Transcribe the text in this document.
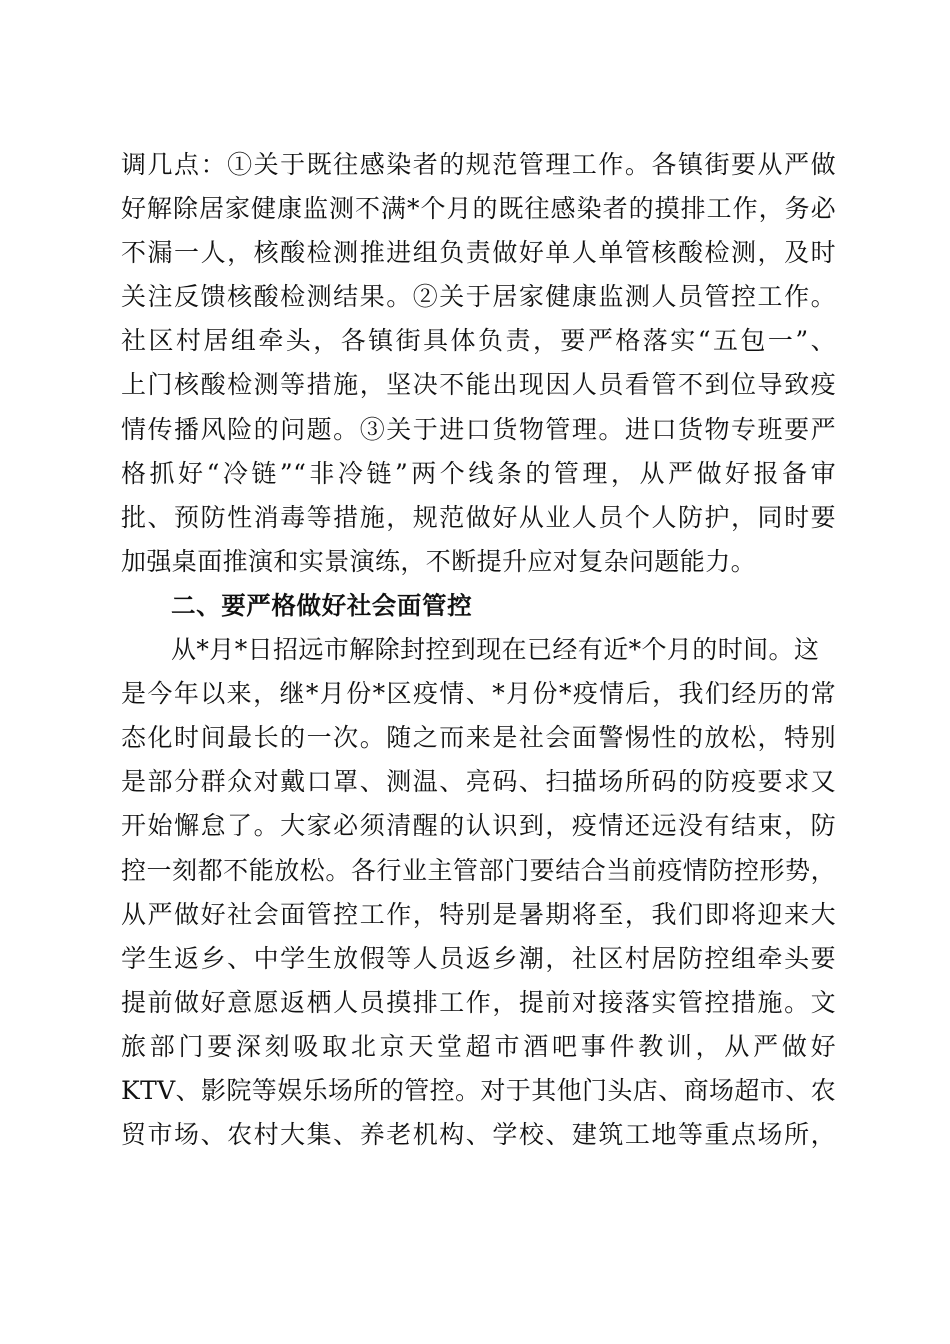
调几点：①关于既往感染者的规范管理工作。各镇街要从严做
好解除居家健康监测不满*个月的既往感染者的摸排工作，务必
不漏一人，核酸检测推进组负责做好单人单管核酸检测，及时
关注反馈核酸检测结果。②关于居家健康监测人员管控工作。
社区村居组牵头，各镇街具体负责，要严格落实“五包一”、
上门核酸检测等措施，坚决不能出现因人员看管不到位导致疫
情传播风险的问题。③关于进口货物管理。进口货物专班要严
格抓好“冷链”“非冷链”两个线条的管理，从严做好报备审
批、预防性消毒等措施，规范做好从业人员个人防护，同时要
加强桌面推演和实景演练，不断提升应对复杂问题能力。
二、要严格做好社会面管控
从*月*日招远市解除封控到现在已经有近*个月的时间。这
是今年以来，继*月份*区疫情、*月份*疫情后，我们经历的常
态化时间最长的一次。随之而来是社会面警惕性的放松，特别
是部分群众对戴口罩、测温、亮码、扫描场所码的防疫要求又
开始懈怠了。大家必须清醒的认识到，疫情还远没有结束，防
控一刻都不能放松。各行业主管部门要结合当前疫情防控形势，
从严做好社会面管控工作，特别是暑期将至，我们即将迎来大
学生返乡、中学生放假等人员返乡潮，社区村居防控组牵头要
提前做好意愿返栖人员摸排工作，提前对接落实管控措施。文
旅部门要深刻吸取北京天堂超市酒吧事件教训，从严做好
KTV、影院等娱乐场所的管控。对于其他门头店、商场超市、农
贸市场、农村大集、养老机构、学校、建筑工地等重点场所，
